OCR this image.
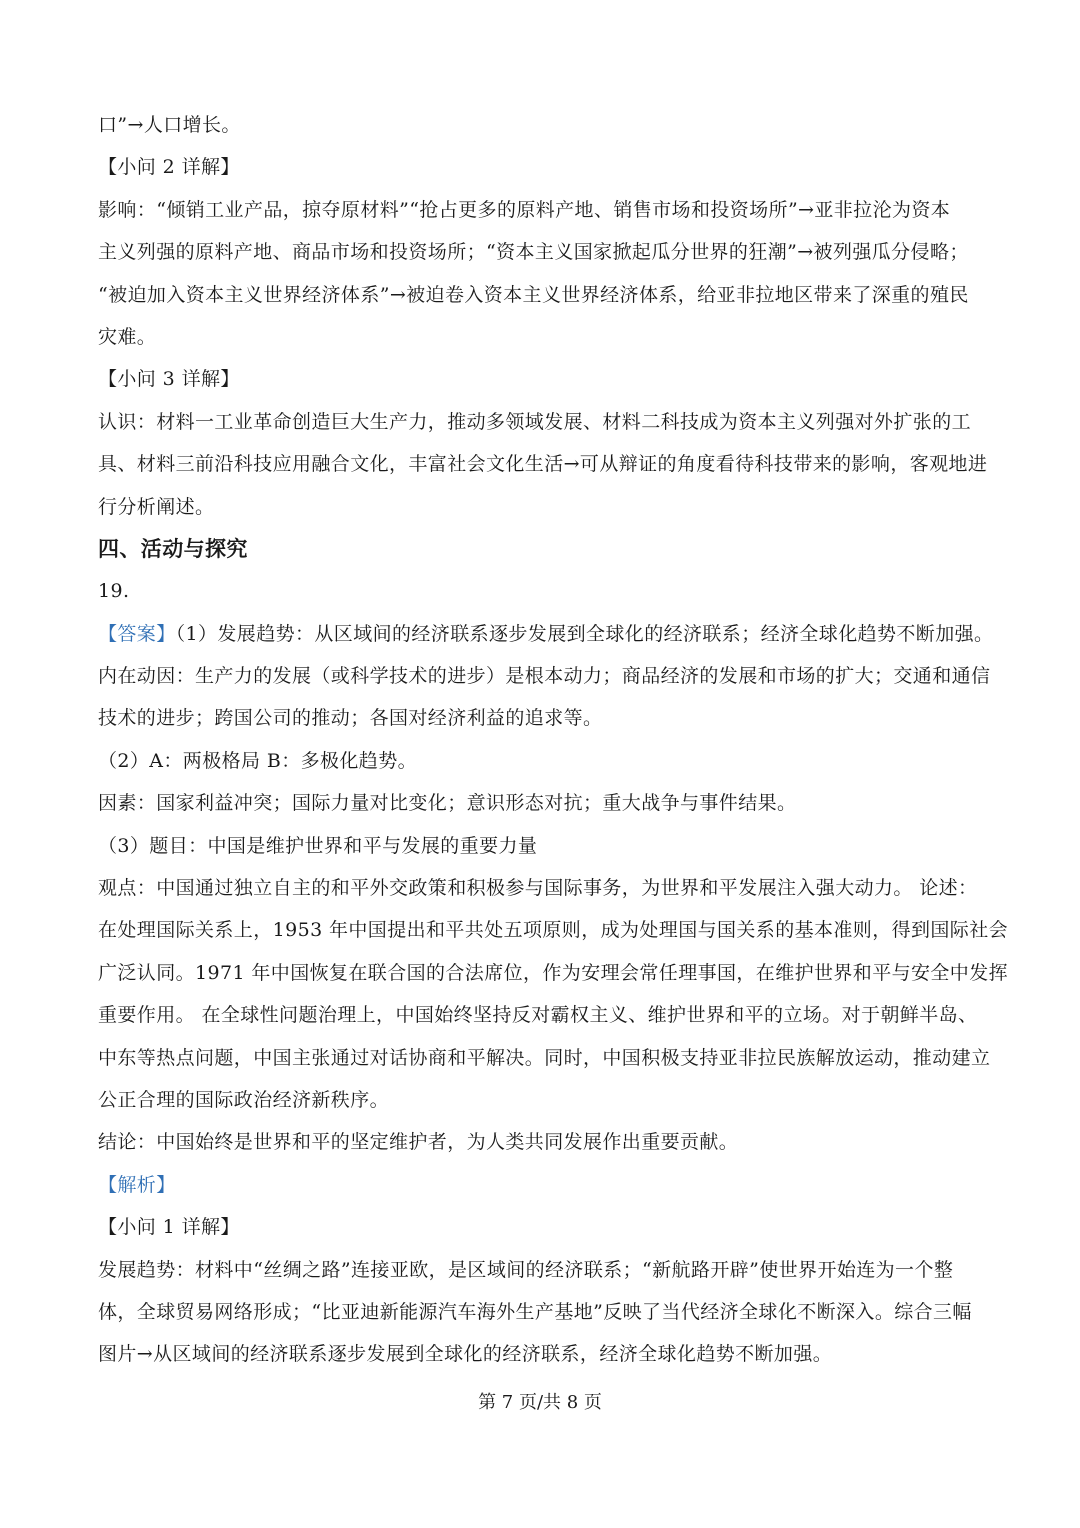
口”→人口增长。
【小问 2 详解】
影响：“倾销工业产品，掠夺原材料”“抢占更多的原料产地、销售市场和投资场所”→亚非拉沦为资本
主义列强的原料产地、商品市场和投资场所；“资本主义国家掀起瓜分世界的狂潮”→被列强瓜分侵略；
“被迫加入资本主义世界经济体系”→被迫卷入资本主义世界经济体系，给亚非拉地区带来了深重的殖民
灾难。
【小问 3 详解】
认识：材料一工业革命创造巨大生产力，推动多领域发展、材料二科技成为资本主义列强对外扩张的工
具、材料三前沿科技应用融合文化，丰富社会文化生活→可从辩证的角度看待科技带来的影响，客观地进
行分析阐述。
四、活动与探究
19.
【答案】（1）发展趋势：从区域间的经济联系逐步发展到全球化的经济联系；经济全球化趋势不断加强。
内在动因：生产力的发展（或科学技术的进步）是根本动力；商品经济的发展和市场的扩大；交通和通信
技术的进步；跨国公司的推动；各国对经济利益的追求等。
（2）A：两极格局 B：多极化趋势。
因素：国家利益冲突；国际力量对比变化；意识形态对抗；重大战争与事件结果。
（3）题目：中国是维护世界和平与发展的重要力量
观点：中国通过独立自主的和平外交政策和积极参与国际事务，为世界和平发展注入强大动力。 论述：
在处理国际关系上，1953 年中国提出和平共处五项原则，成为处理国与国关系的基本准则，得到国际社会
广泛认同。1971 年中国恢复在联合国的合法席位，作为安理会常任理事国，在维护世界和平与安全中发挥
重要作用。 在全球性问题治理上，中国始终坚持反对霸权主义、维护世界和平的立场。对于朝鲜半岛、
中东等热点问题，中国主张通过对话协商和平解决。同时，中国积极支持亚非拉民族解放运动，推动建立
公正合理的国际政治经济新秩序。
结论：中国始终是世界和平的坚定维护者，为人类共同发展作出重要贡献。
【解析】
【小问 1 详解】
发展趋势：材料中“丝绸之路”连接亚欧，是区域间的经济联系；“新航路开辟”使世界开始连为一个整
体，全球贸易网络形成；“比亚迪新能源汽车海外生产基地”反映了当代经济全球化不断深入。综合三幅
图片→从区域间的经济联系逐步发展到全球化的经济联系，经济全球化趋势不断加强。
第 7 页/共 8 页
